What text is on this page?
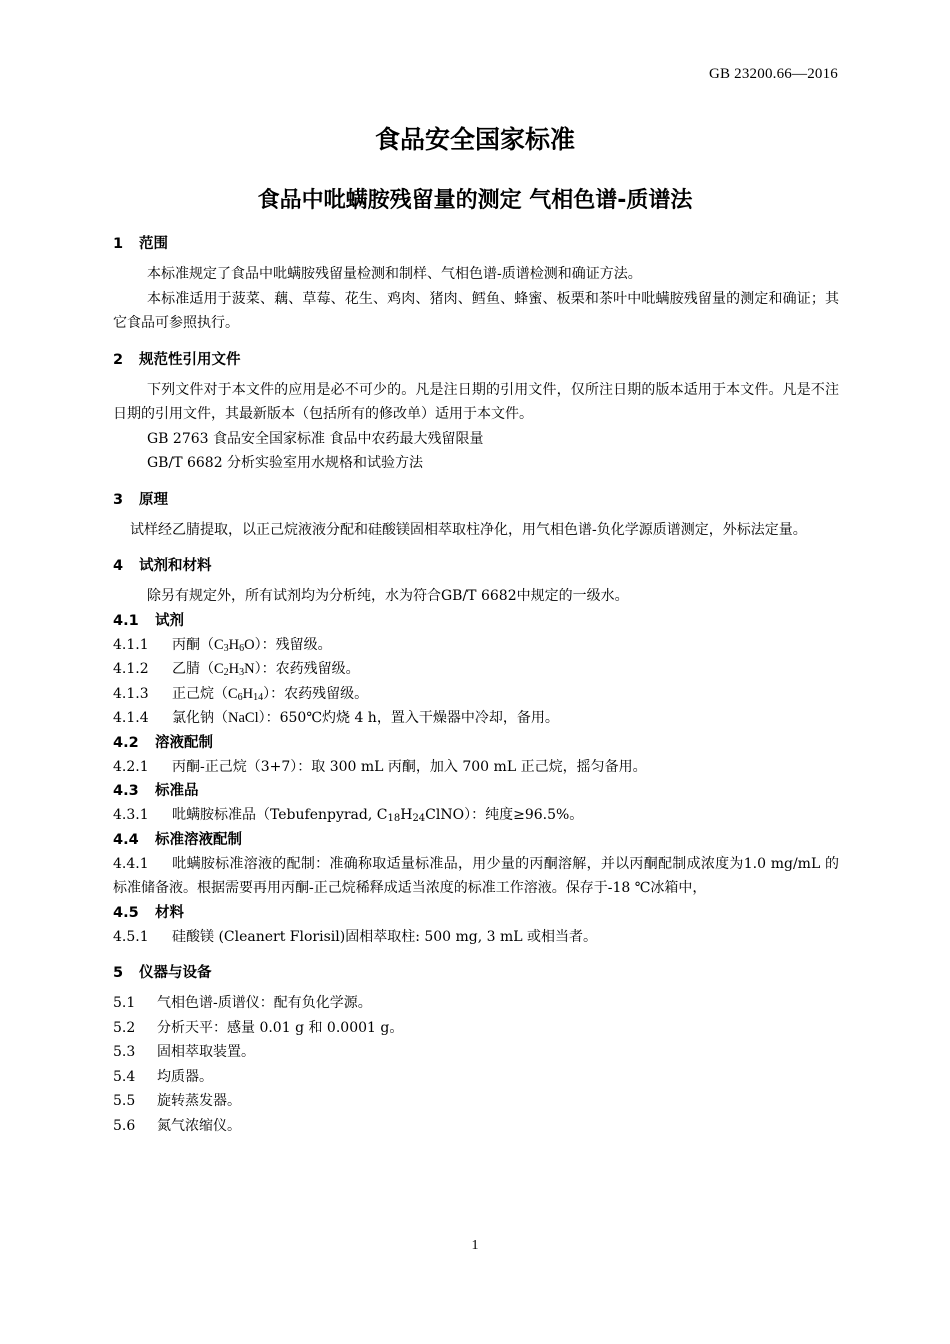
GB 23200.66—2016
食品安全国家标准
食品中吡螨胺残留量的测定 气相色谱-质谱法
1 范围

本标准规定了食品中吡螨胺残留量检测和制样、气相色谱-质谱检测和确证方法。

本标准适用于菠菜、藕、草莓、花生、鸡肉、猪肉、鳕鱼、蜂蜜、板栗和茶叶中吡螨胺残留量的测定和确证；其它食品可参照执行。

2 规范性引用文件

下列文件对于本文件的应用是必不可少的。凡是注日期的引用文件，仅所注日期的版本适用于本文件。凡是不注日期的引用文件，其最新版本（包括所有的修改单）适用于本文件。

GB 2763 食品安全国家标准 食品中农药最大残留限量

GB/T 6682 分析实验室用水规格和试验方法

3 原理

试样经乙腈提取，以正己烷液液分配和硅酸镁固相萃取柱净化，用气相色谱-负化学源质谱测定，外标法定量。

4 试剂和材料

除另有规定外，所有试剂均为分析纯，水为符合GB/T 6682中规定的一级水。

4.1 试剂

4.1.1 丙酮$(C_3H_6O)$：残留级。

4.1.2 乙腈$(C_2H_3N)$：农药残留级。

4.1.3 正己烷$(C_6H_{14})$：农药残留级。

4.1.4 氯化钠（NaCl）：650℃灼烧 4 h，置入干燥器中冷却，备用。

4.2 溶液配制

4.2.1 丙酮-正己烷（3+7）：取 300 mL 丙酮，加入 700 mL 正己烷，摇匀备用。

4.3 标准品

4.3.1 吡螨胺标准品（Tebufenpyrad, $C_{18}H_{24}ClNO$）：纯度≥96.5%。

4.4 标准溶液配制

4.4.1 吡螨胺标准溶液的配制：准确称取适量标准品，用少量的丙酮溶解，并以丙酮配制成浓度为1.0 mg/mL 的标准储备液。根据需要再用丙酮-正己烷稀释成适当浓度的标准工作溶液。保存于-18 ℃冰箱中，

4.5 材料

4.5.1 硅酸镁 (Cleanert Florisil)固相萃取柱: 500 mg, 3 mL 或相当者。

5 仪器与设备

5.1 气相色谱-质谱仪：配有负化学源。

5.2 分析天平：感量 0.01 g 和 0.0001 g。

5.3 固相萃取装置。

5.4 均质器。

5.5 旋转蒸发器。

5.6 氮气浓缩仪。

1
